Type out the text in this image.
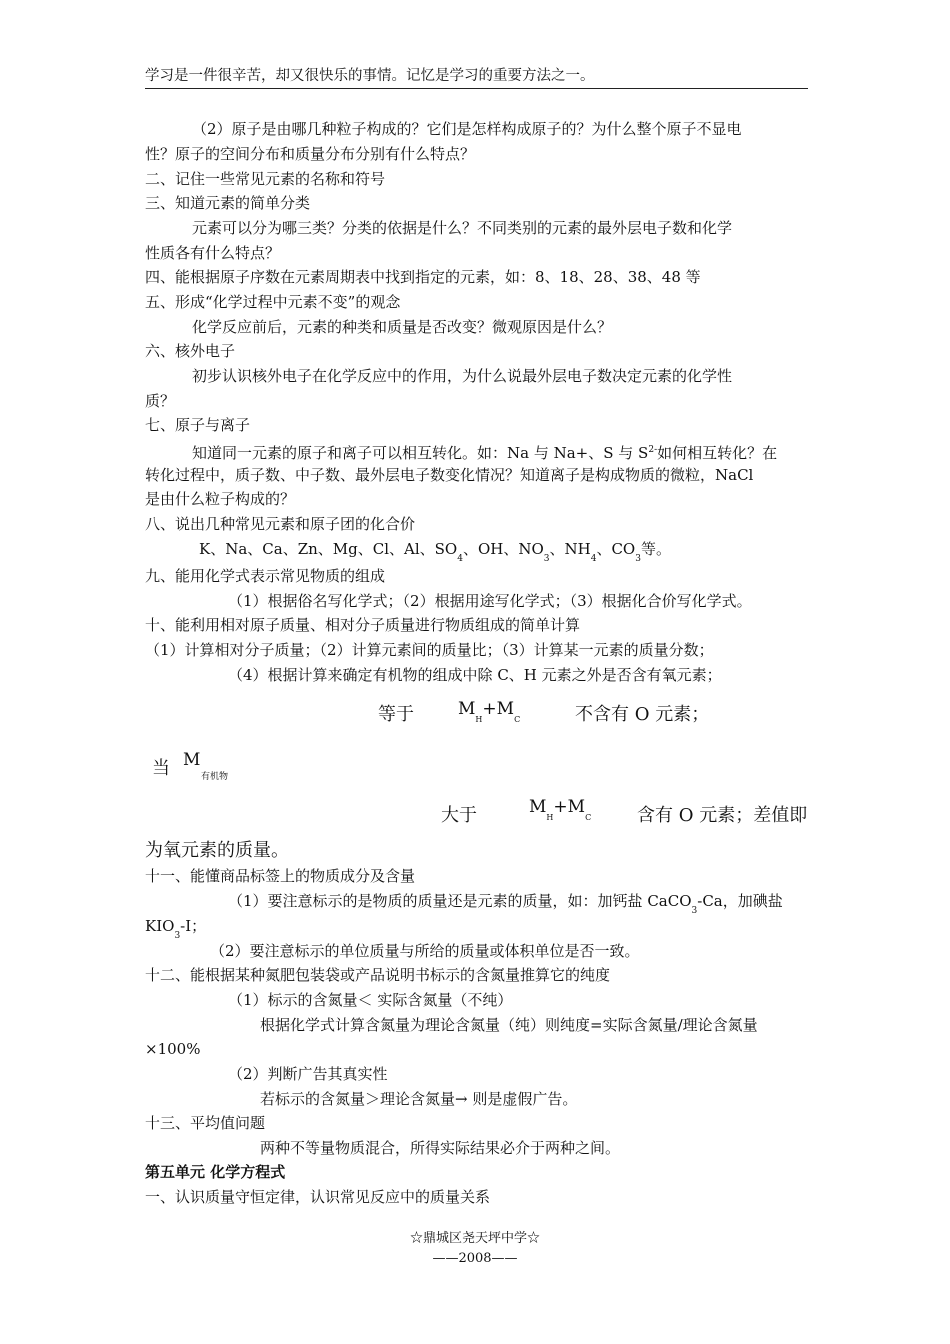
学习是一件很辛苦，却又很快乐的事情。记忆是学习的重要方法之一。
（2）原子是由哪几种粒子构成的？它们是怎样构成原子的？为什么整个原子不显电
性？原子的空间分布和质量分布分别有什么特点？
二、记住一些常见元素的名称和符号
三、知道元素的简单分类
元素可以分为哪三类？分类的依据是什么？不同类别的元素的最外层电子数和化学
性质各有什么特点？
四、能根据原子序数在元素周期表中找到指定的元素，如：8、18、28、38、48 等
五、形成“化学过程中元素不变”的观念
化学反应前后，元素的种类和质量是否改变？微观原因是什么？
六、核外电子
初步认识核外电子在化学反应中的作用，为什么说最外层电子数决定元素的化学性
质？
七、原子与离子
知道同一元素的原子和离子可以相互转化。如：Na 与 Na+、S 与 $S^{2-}$如何相互转化？在
转化过程中，质子数、中子数、最外层电子数变化情况？知道离子是构成物质的微粒，NaCl
是由什么粒子构成的？
八、说出几种常见元素和原子团的化合价
K、Na、Ca、Zn、Mg、Cl、Al、$SO_4$、OH、$NO_3$、$NH_4$、$CO_3$等。
九、能用化学式表示常见物质的组成
（1）根据俗名写化学式；（2）根据用途写化学式；（3）根据化合价写化学式。
十、能利用相对原子质量、相对分子质量进行物质组成的简单计算
（1）计算相对分子质量；（2）计算元素间的质量比；（3）计算某一元素的质量分数；
（4）根据计算来确定有机物的组成中除 C、H 元素之外是否含有氧元素；
等于	$M_H+M_C$	不含有 O 元素；
当 M
有机物
大于	$M_H+M_C$	含有 O 元素；差值即
为氧元素的质量。
十一、能懂商品标签上的物质成分及含量
（1）要注意标示的是物质的质量还是元素的质量，如：加钙盐 CaCO$_3$-Ca，加碘盐
$KIO_3-I$；
（2）要注意标示的单位质量与所给的质量或体积单位是否一致。
十二、能根据某种氮肥包装袋或产品说明书标示的含氮量推算它的纯度
（1）标示的含氮量＜ 实际含氮量（不纯）
根据化学式计算含氮量为理论含氮量（纯）则纯度=实际含氮量/理论含氮量
×100%
（2）判断广告其真实性
若标示的含氮量＞理论含氮量→ 则是虚假广告。
十三、平均值问题
两种不等量物质混合，所得实际结果必介于两种之间。
第五单元 化学方程式
一、认识质量守恒定律，认识常见反应中的质量关系
☆鼎城区尧天坪中学☆
——2008——
